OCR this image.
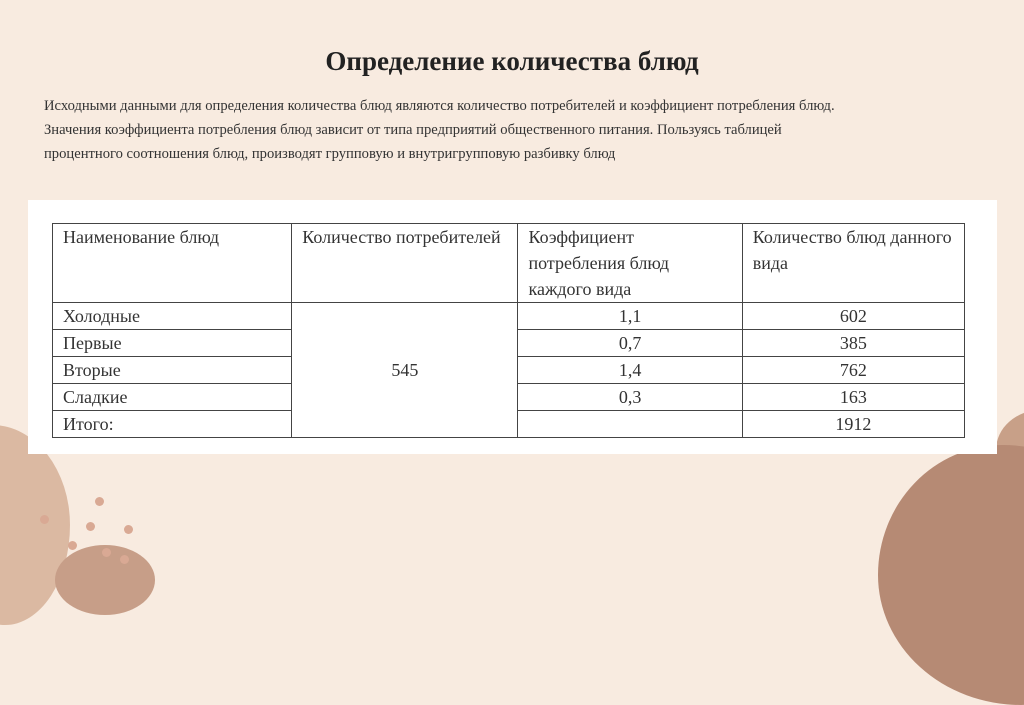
Определение количества блюд

Исходными данными для определения количества блюд являются количество потребителей и коэффициент потребления блюд.

Значения коэффициента потребления блюд зависит от типа предприятий общественного питания. Пользуясь таблицей

процентного соотношения блюд, производят групповую и внутригрупповую разбивку блюд

Наименование блюд	Количество потребителей	Коэффициент потребления блюд каждого вида	Количество блюд данного вида
Холодные	545	1,1	602
Первые		0,7	385
Вторые		1,4	762
Сладкие		0,3	163
Итого:			1912
